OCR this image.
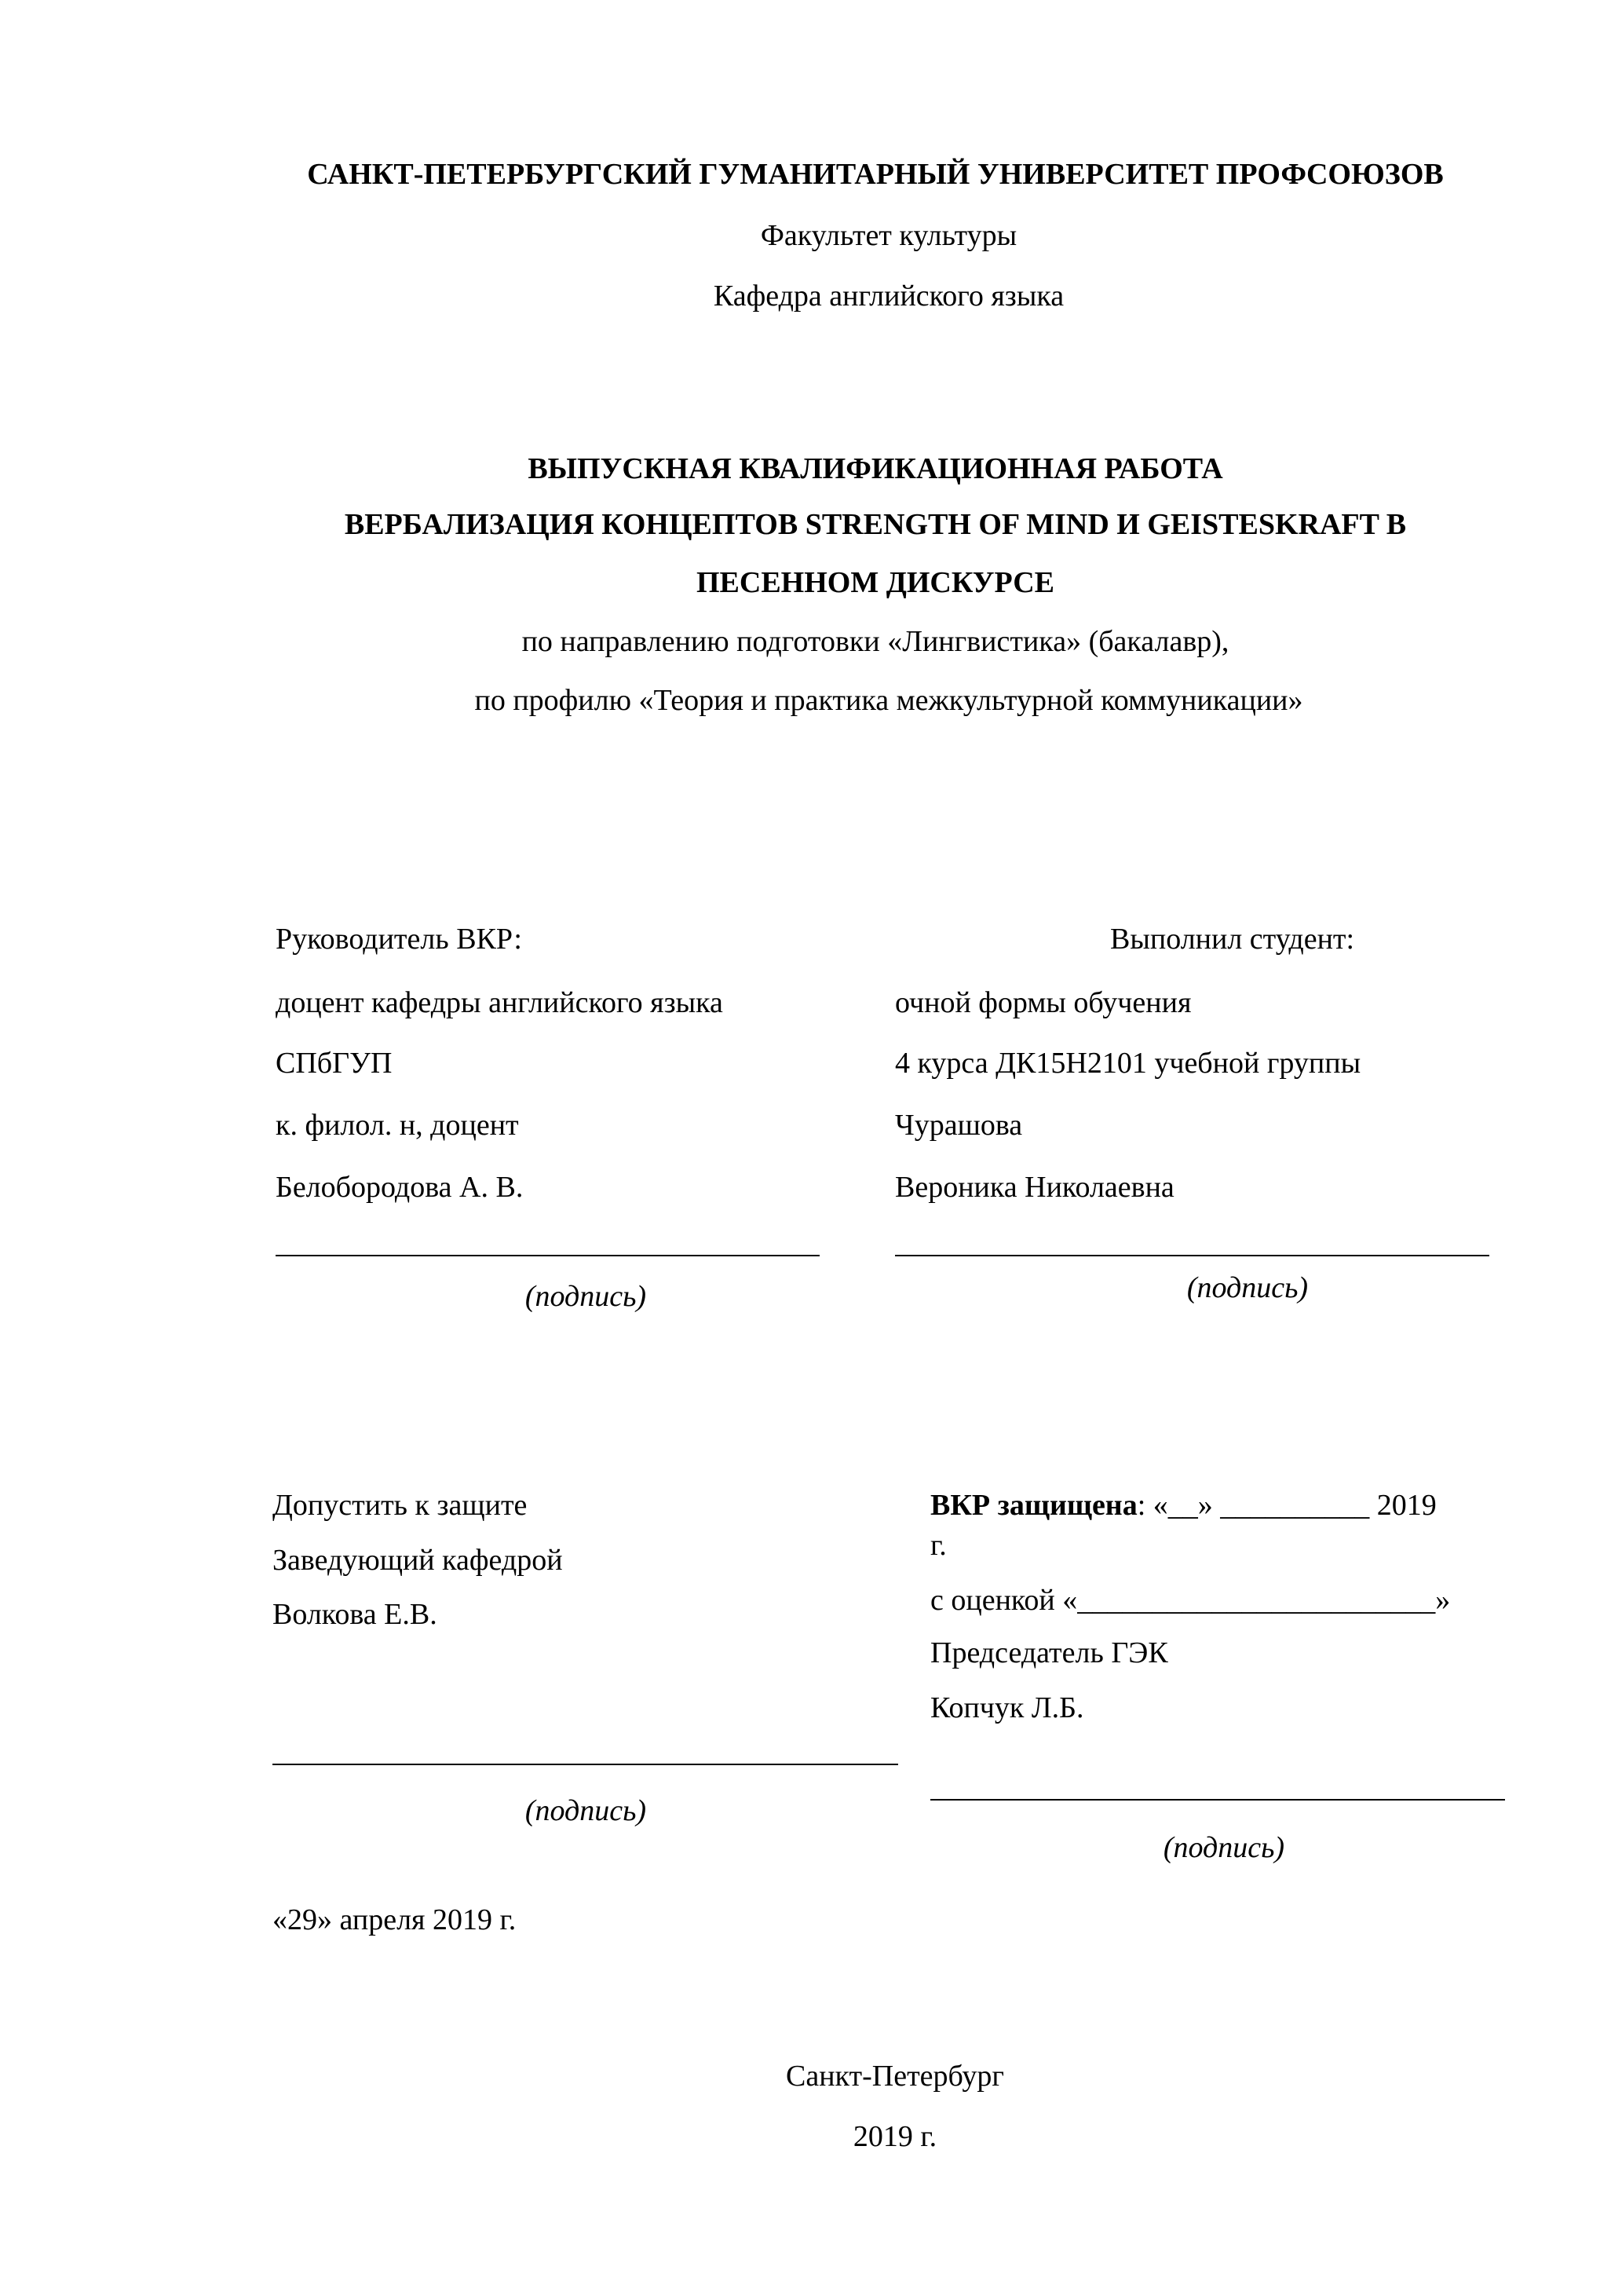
САНКТ-ПЕТЕРБУРГСКИЙ ГУМАНИТАРНЫЙ УНИВЕРСИТЕТ ПРОФСОЮЗОВ
Факультет культуры
Кафедра английского языка
ВЫПУСКНАЯ КВАЛИФИКАЦИОННАЯ РАБОТА
ВЕРБАЛИЗАЦИЯ КОНЦЕПТОВ STRENGTH OF MIND И GEISTESKRAFT В
ПЕСЕННОМ ДИСКУРСЕ
по направлению подготовки «Лингвистика» (бакалавр),
по профилю «Теория и практика межкультурной коммуникации»
Руководитель ВКР:
доцент кафедры английского языка
СПбГУП
к. филол. н, доцент
Белобородова А. В.
(подпись)
Выполнил студент:
очной формы обучения
4 курса ДК15Н2101 учебной группы
Чурашова
Вероника Николаевна
(подпись)
Допустить к защите
Заведующий кафедрой
Волкова Е.В.
(подпись)
«29» апреля 2019 г.
ВКР защищена: «__» __________ 2019
г.
с оценкой «________________________»
Председатель ГЭК
Копчук Л.Б.
(подпись)
Санкт-Петербург
2019 г.
